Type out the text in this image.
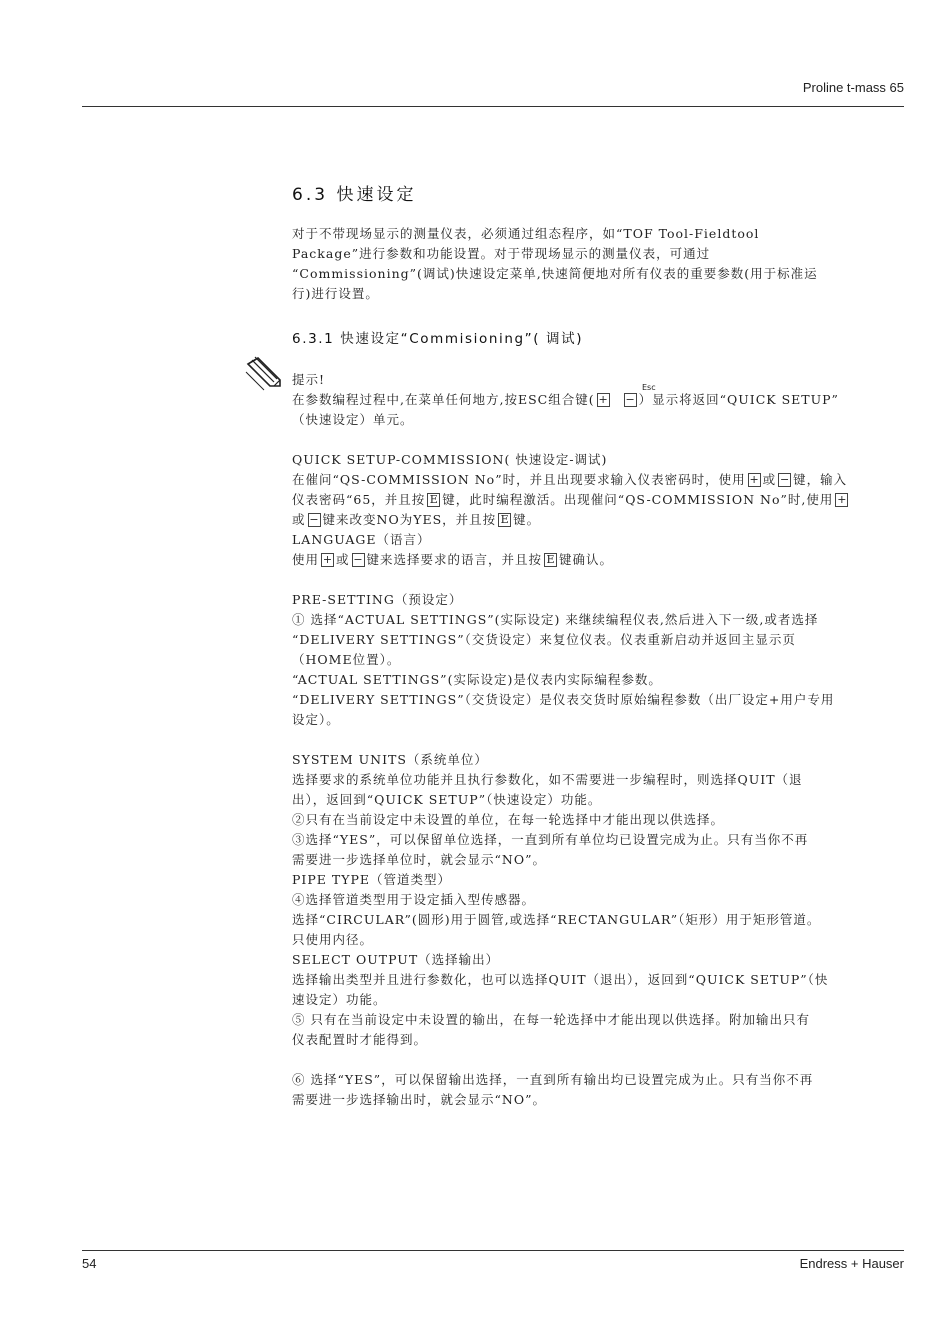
Proline t-mass 65
6.3 快速设定
对于不带现场显示的测量仪表，必须通过组态程序，如“TOF Tool-Fieldtool
Package”进行参数和功能设置。对于带现场显示的测量仪表，可通过
“Commissioning”(调试)快速设定菜单,快速简便地对所有仪表的重要参数(用于标准运
行)进行设置。
6.3.1 快速设定“Commisioning”( 调试)
提示!
在参数编程过程中,在菜单任何地方,按ESC组合键( + − ）显示将返回“QUICK SETUP”
（快速设定）单元。
Esc
QUICK SETUP-COMMISSION( 快速设定-调试)
在催问“QS-COMMISSION No”时，并且出现要求输入仪表密码时，使用 + 或 − 键，输入
仪表密码“65，并且按 E 键，此时编程激活。出现催问“QS-COMMISSION No”时,使用 +
或 − 键来改变NO为YES，并且按 E 键。
LANGUAGE（语言）
使用 + 或 − 键来选择要求的语言，并且按 E 键确认。
PRE-SETTING（预设定）
① 选择“ACTUAL SETTINGS”(实际设定) 来继续编程仪表,然后进入下一级,或者选择
“DELIVERY SETTINGS”（交货设定）来复位仪表。仪表重新启动并返回主显示页
（HOME位置）。
“ACTUAL SETTINGS”(实际设定)是仪表内实际编程参数。
“DELIVERY SETTINGS”（交货设定）是仪表交货时原始编程参数（出厂设定+用户专用
设定）。
SYSTEM UNITS（系统单位）
选择要求的系统单位功能并且执行参数化，如不需要进一步编程时，则选择QUIT（退
出），返回到“QUICK SETUP”（快速设定）功能。
②只有在当前设定中未设置的单位，在每一轮选择中才能出现以供选择。
③选择“YES”，可以保留单位选择，一直到所有单位均已设置完成为止。只有当你不再
需要进一步选择单位时，就会显示“NO”。
PIPE TYPE（管道类型）
④选择管道类型用于设定插入型传感器。
选择“CIRCULAR”(圆形)用于圆管,或选择“RECTANGULAR”（矩形）用于矩形管道。
只使用内径。
SELECT OUTPUT（选择输出）
选择输出类型并且进行参数化，也可以选择QUIT（退出），返回到“QUICK SETUP”（快
速设定）功能。
⑤ 只有在当前设定中未设置的输出，在每一轮选择中才能出现以供选择。附加输出只有
仪表配置时才能得到。
⑥ 选择“YES”，可以保留输出选择，一直到所有输出均已设置完成为止。只有当你不再
需要进一步选择输出时，就会显示“NO”。
54	Endress + Hauser
